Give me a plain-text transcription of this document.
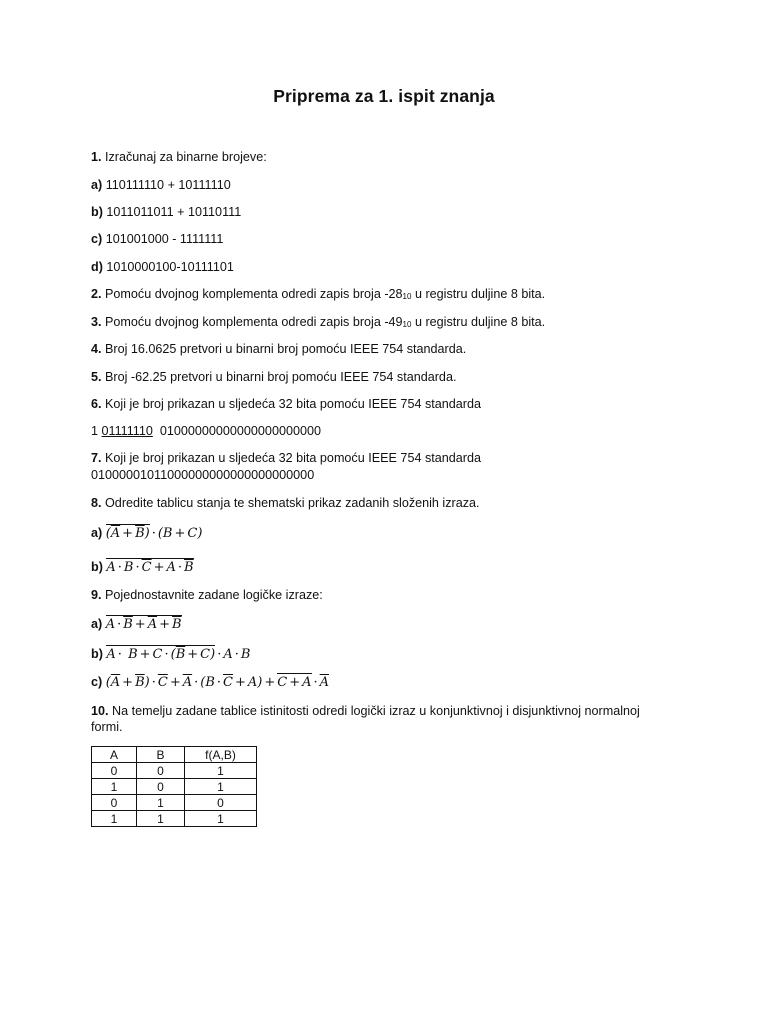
Priprema za 1. ispit znanja
1. Izračunaj za binarne brojeve:
a) 110111110 + 10111110
b) 1011011011 + 10110111
c) 101001000 - 1111111
d) 1010000100-10111101
2. Pomoću dvojnog komplementa odredi zapis broja $-28_{10}$ u registru duljine 8 bita.
3. Pomoću dvojnog komplementa odredi zapis broja $-49_{10}$ u registru duljine 8 bita.
4. Broj 16.0625 pretvori u binarni broj pomoću IEEE 754 standarda.
5. Broj -62.25 pretvori u binarni broj pomoću IEEE 754 standarda.
6. Koji je broj prikazan u sljedeća 32 bita pomoću IEEE 754 standarda
1 01111110 01000000000000000000000
7. Koji je broj prikazan u sljedeća 32 bita pomoću IEEE 754 standarda
01000001011000000000000000000000
8. Odredite tablicu stanja te shematski prikaz zadanih složenih izraza.
a) $(\overline{A} + \overline{B}) \cdot (B + C)$
b) $A \cdot B \cdot \overline{C} + A \cdot \overline{B}$
9. Pojednostavnite zadane logičke izraze:
a) $A \cdot \overline{B} + \overline{A} + \overline{B}$
b) $A \cdot B + C \cdot (\overline{B} + C) \cdot A \cdot B$
c) $(\overline{A} + \overline{B}) \cdot \overline{C} + \overline{A} \cdot (B \cdot \overline{C} + A) + C + A \cdot \overline{A}$
10. Na temelju zadane tablice istinitosti odredi logički izraz u konjunktivnoj i disjunktivnoj normalnoj
formi.
A	B	f(A,B)
0	0	1
1	0	1
0	1	0
1	1	1
